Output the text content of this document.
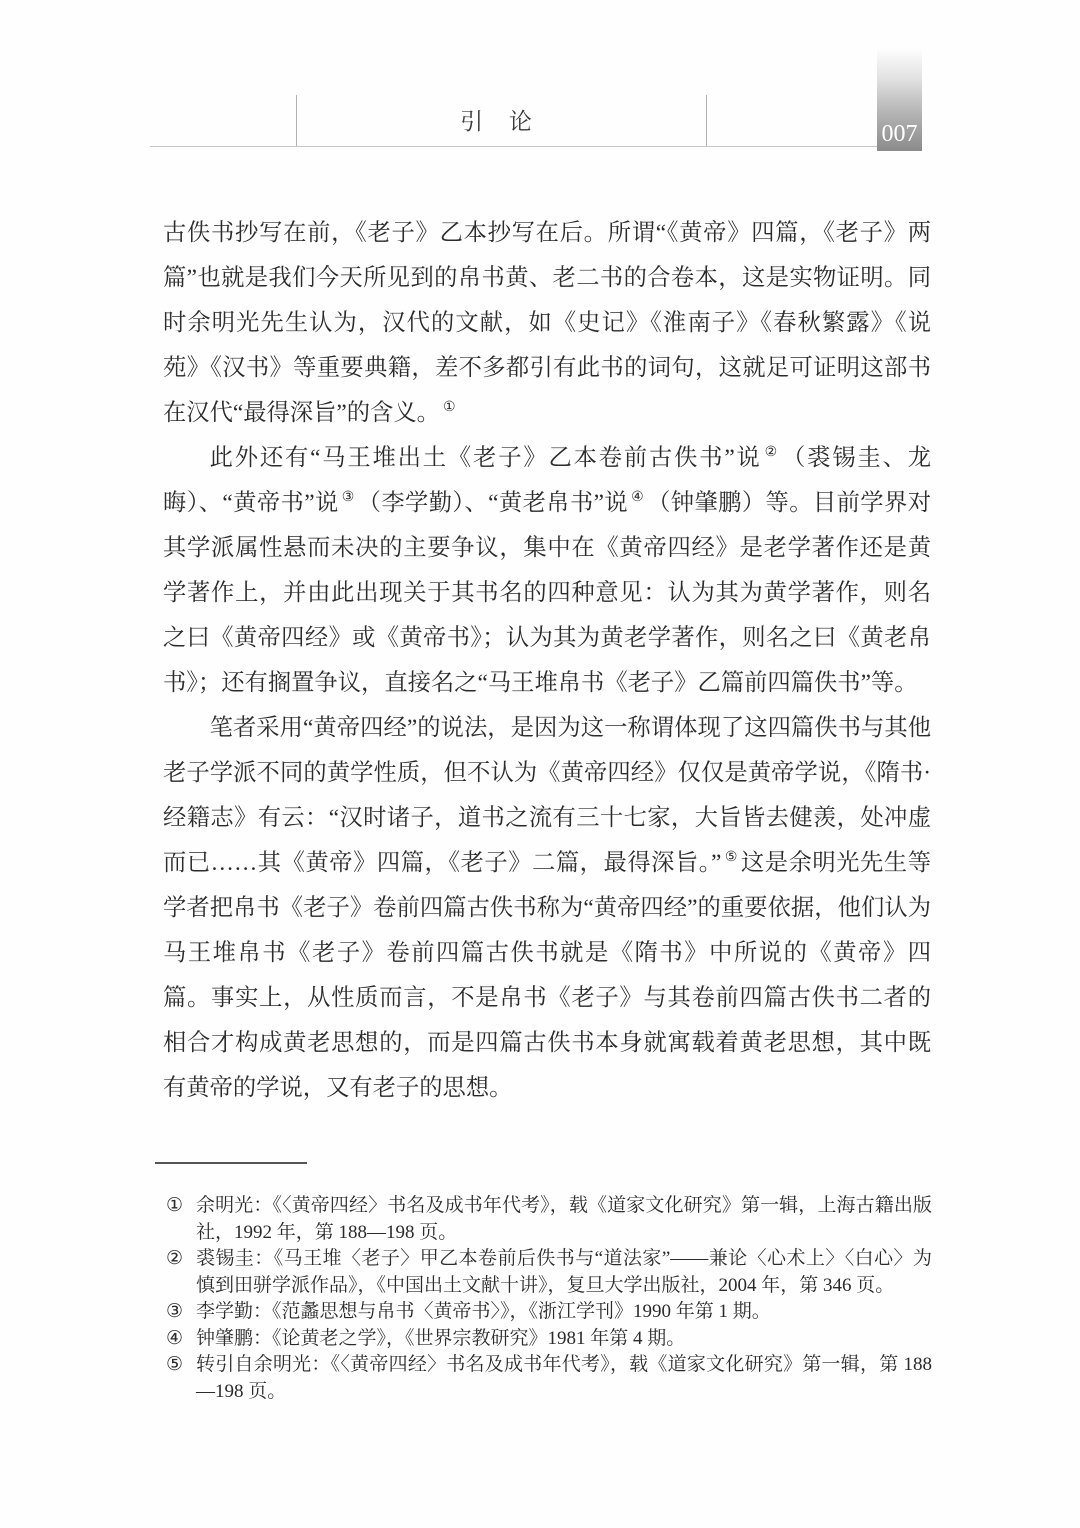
引 论	007

古佚书抄写在前，《老子》乙本抄写在后。所谓“《黄帝》四篇，《老子》两篇”也就是我们今天所见到的帛书黄、老二书的合卷本，这是实物证明。同时余明光先生认为，汉代的文献，如《史记》《淮南子》《春秋繁露》《说苑》《汉书》等重要典籍，差不多都引有此书的词句，这就足可证明这部书在汉代“最得深旨”的含义。 ①

此外还有“马王堆出土《老子》乙本卷前古佚书”说 ② （裘锡圭、龙晦）、“黄帝书”说 ③ （李学勤）、“黄老帛书”说 ④ （钟肇鹏）等。目前学界对其学派属性悬而未决的主要争议，集中在《黄帝四经》是老学著作还是黄学著作上，并由此出现关于其书名的四种意见：认为其为黄学著作，则名之曰《黄帝四经》或《黄帝书》；认为其为黄老学著作，则名之曰《黄老帛书》；还有搁置争议，直接名之“马王堆帛书《老子》乙篇前四篇佚书”等。

笔者采用“黄帝四经”的说法，是因为这一称谓体现了这四篇佚书与其他老子学派不同的黄学性质，但不认为《黄帝四经》仅仅是黄帝学说，《隋书·经籍志》有云：“汉时诸子，道书之流有三十七家，大旨皆去健羡，处冲虚而已……其《黄帝》四篇，《老子》二篇，最得深旨。” ⑤ 这是余明光先生等学者把帛书《老子》卷前四篇古佚书称为“黄帝四经”的重要依据，他们认为马王堆帛书《老子》卷前四篇古佚书就是《隋书》中所说的《黄帝》四篇。事实上，从性质而言，不是帛书《老子》与其卷前四篇古佚书二者的相合才构成黄老思想的，而是四篇古佚书本身就寓载着黄老思想，其中既有黄帝的学说，又有老子的思想。

① 余明光：《〈黄帝四经〉书名及成书年代考》，载《道家文化研究》第一辑，上海古籍出版社，1992 年，第 188—198 页。
② 裘锡圭：《马王堆〈老子〉甲乙本卷前后佚书与“道法家”——兼论〈心术上〉〈白心〉为慎到田骈学派作品》，《中国出土文献十讲》，复旦大学出版社，2004 年，第 346 页。
③ 李学勤：《范蠡思想与帛书〈黄帝书〉》，《浙江学刊》1990 年第 1 期。
④ 钟肇鹏：《论黄老之学》，《世界宗教研究》1981 年第 4 期。
⑤ 转引自余明光：《〈黄帝四经〉书名及成书年代考》，载《道家文化研究》第一辑，第 188—198 页。
